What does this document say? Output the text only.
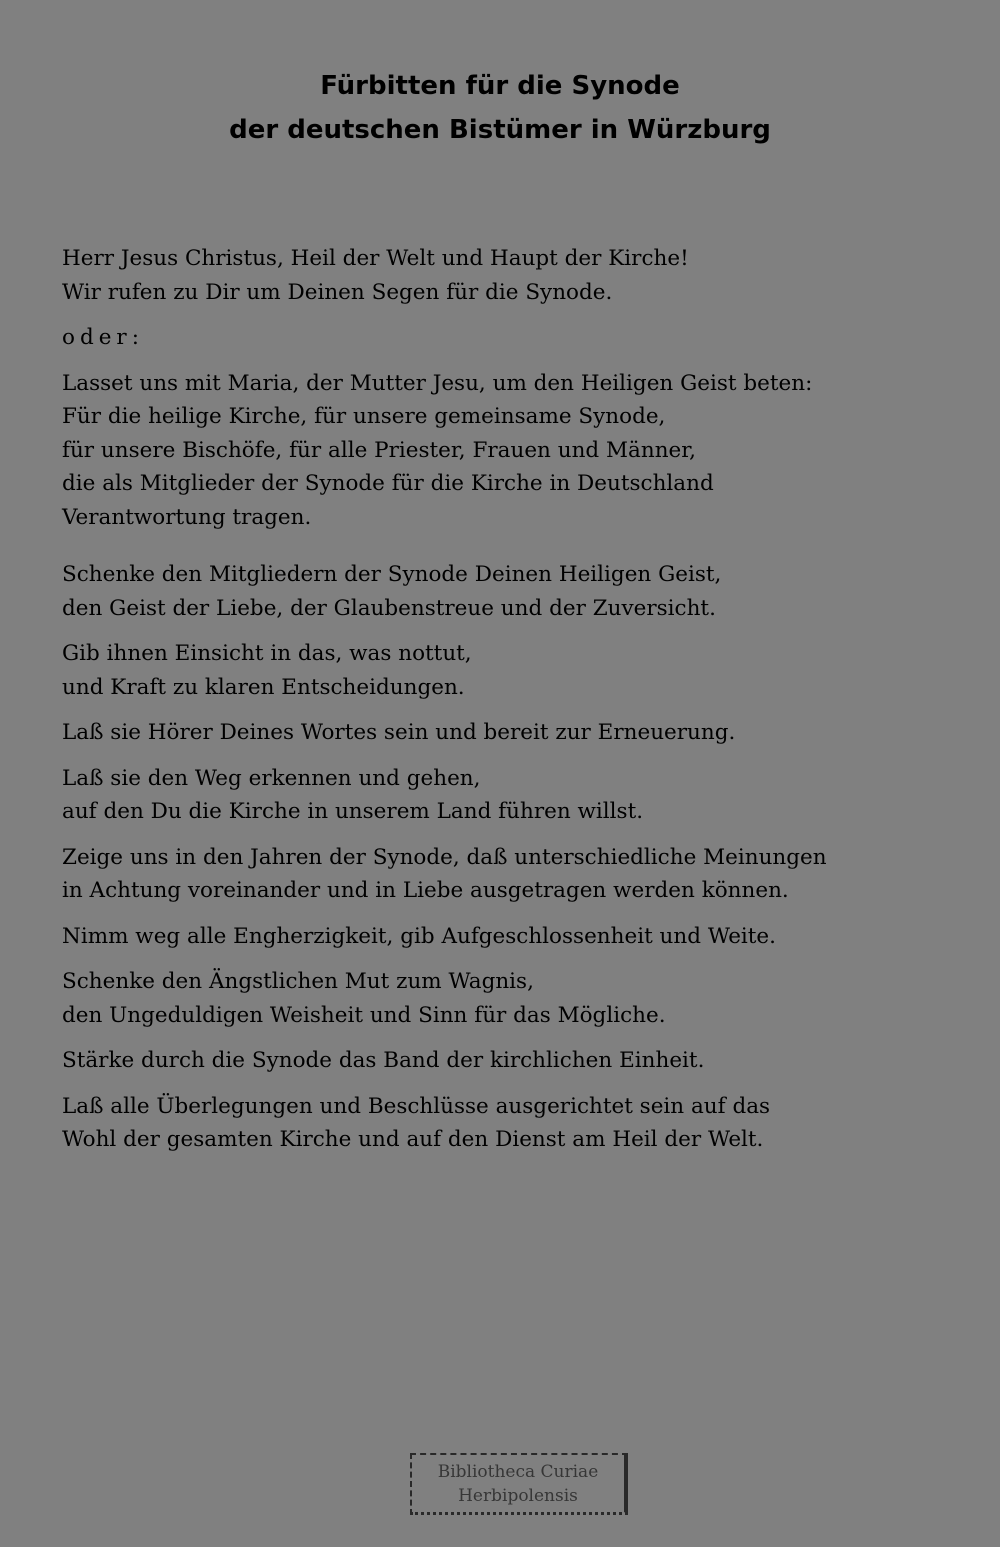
Fürbitten für die Synode
der deutschen Bistümer in Würzburg
Herr Jesus Christus, Heil der Welt und Haupt der Kirche!
Wir rufen zu Dir um Deinen Segen für die Synode.
oder:
Lasset uns mit Maria, der Mutter Jesu, um den Heiligen Geist beten:
Für die heilige Kirche, für unsere gemeinsame Synode,
für unsere Bischöfe, für alle Priester, Frauen und Männer,
die als Mitglieder der Synode für die Kirche in Deutschland
Verantwortung tragen.
Schenke den Mitgliedern der Synode Deinen Heiligen Geist,
den Geist der Liebe, der Glaubenstreue und der Zuversicht.
Gib ihnen Einsicht in das, was nottut,
und Kraft zu klaren Entscheidungen.
Laß sie Hörer Deines Wortes sein und bereit zur Erneuerung.
Laß sie den Weg erkennen und gehen,
auf den Du die Kirche in unserem Land führen willst.
Zeige uns in den Jahren der Synode, daß unterschiedliche Meinungen
in Achtung voreinander und in Liebe ausgetragen werden können.
Nimm weg alle Engherzigkeit, gib Aufgeschlossenheit und Weite.
Schenke den Ängstlichen Mut zum Wagnis,
den Ungeduldigen Weisheit und Sinn für das Mögliche.
Stärke durch die Synode das Band der kirchlichen Einheit.
Laß alle Überlegungen und Beschlüsse ausgerichtet sein auf das
Wohl der gesamten Kirche und auf den Dienst am Heil der Welt.
Bibliotheca Curiae
Herbipolensis
